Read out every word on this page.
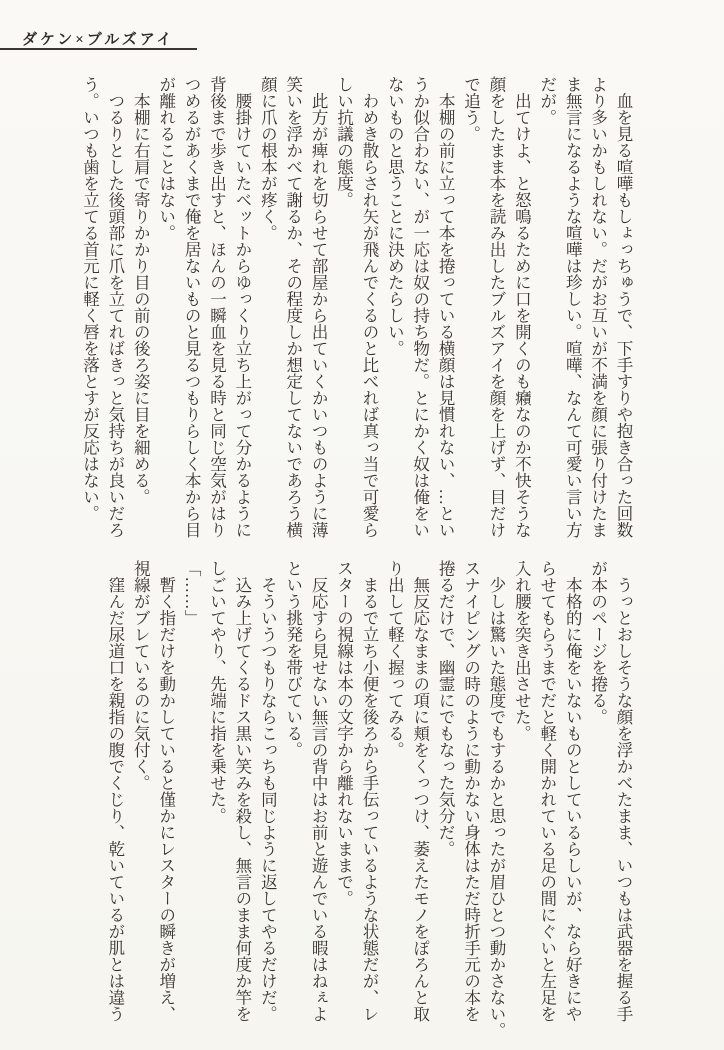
ダケン×ブルズアイ
　血を見る喧嘩もしょっちゅうで、下手すりや抱き合った回数
より多いかもしれない。だがお互いが不満を顔に張り付けたま
ま無言になるような喧嘩は珍しい。喧嘩、なんて可愛い言い方
だが。
　出てけよ、と怒鳴るために口を開くのも癪なのか不快そうな
顔をしたまま本を読み出したブルズアイを顔を上げず、目だけ
で追う。
　本棚の前に立って本を捲っている横顔は見慣れない、…とい
うか似合わない、が一応は奴の持ち物だ。とにかく奴は俺をい
ないものと思うことに決めたらしい。
　わめき散らされ矢が飛んでくるのと比べれば真っ当で可愛ら
しい抗議の態度。
　此方が痺れを切らせて部屋から出ていくかいつものように薄
笑いを浮かべて謝るか、その程度しか想定してないであろう横
顔に爪の根本が疼く。
　腰掛けていたベットからゆっくり立ち上がって分かるように
背後まで歩き出すと、ほんの一瞬血を見る時と同じ空気がはり
つめるがあくまで俺を居ないものと見るつもりらしく本から目
が離れることはない。
　本棚に右肩で寄りかかり目の前の後ろ姿に目を細める。
　つるりとした後頭部に爪を立てればきっと気持ちが良いだろ
う。いつも歯を立てる首元に軽く唇を落とすが反応はない。
　うっとおしそうな顔を浮かべたまま、いつもは武器を握る手
が本のページを捲る。
　本格的に俺をいないものとしているらしいが、なら好きにや
らせてもらうまでだと軽く開かれている足の間にぐいと左足を
入れ腰を突き出させた。
　少しは驚いた態度でもするかと思ったが眉ひとつ動かさない。
スナイピングの時のように動かない身体はただ時折手元の本を
捲るだけで、幽霊にでもなった気分だ。
　無反応なままの項に頬をくっつけ、萎えたモノをぽろんと取
り出して軽く握ってみる。
　まるで立ち小便を後ろから手伝っているような状態だが、レ
スターの視線は本の文字から離れないままで。
　反応すら見せない無言の背中はお前と遊んでいる暇はねぇよ
という挑発を帯びている。
　そういうつもりならこっちも同じように返してやるだけだ。
　込み上げてくるドス黒い笑みを殺し、無言のまま何度か竿を
しごいてやり、先端に指を乗せた。
「……」
　暫く指だけを動かしていると僅かにレスターの瞬きが増え、
視線がブレているのに気付く。
　窪んだ尿道口を親指の腹でくじり、乾いているが肌とは違う
